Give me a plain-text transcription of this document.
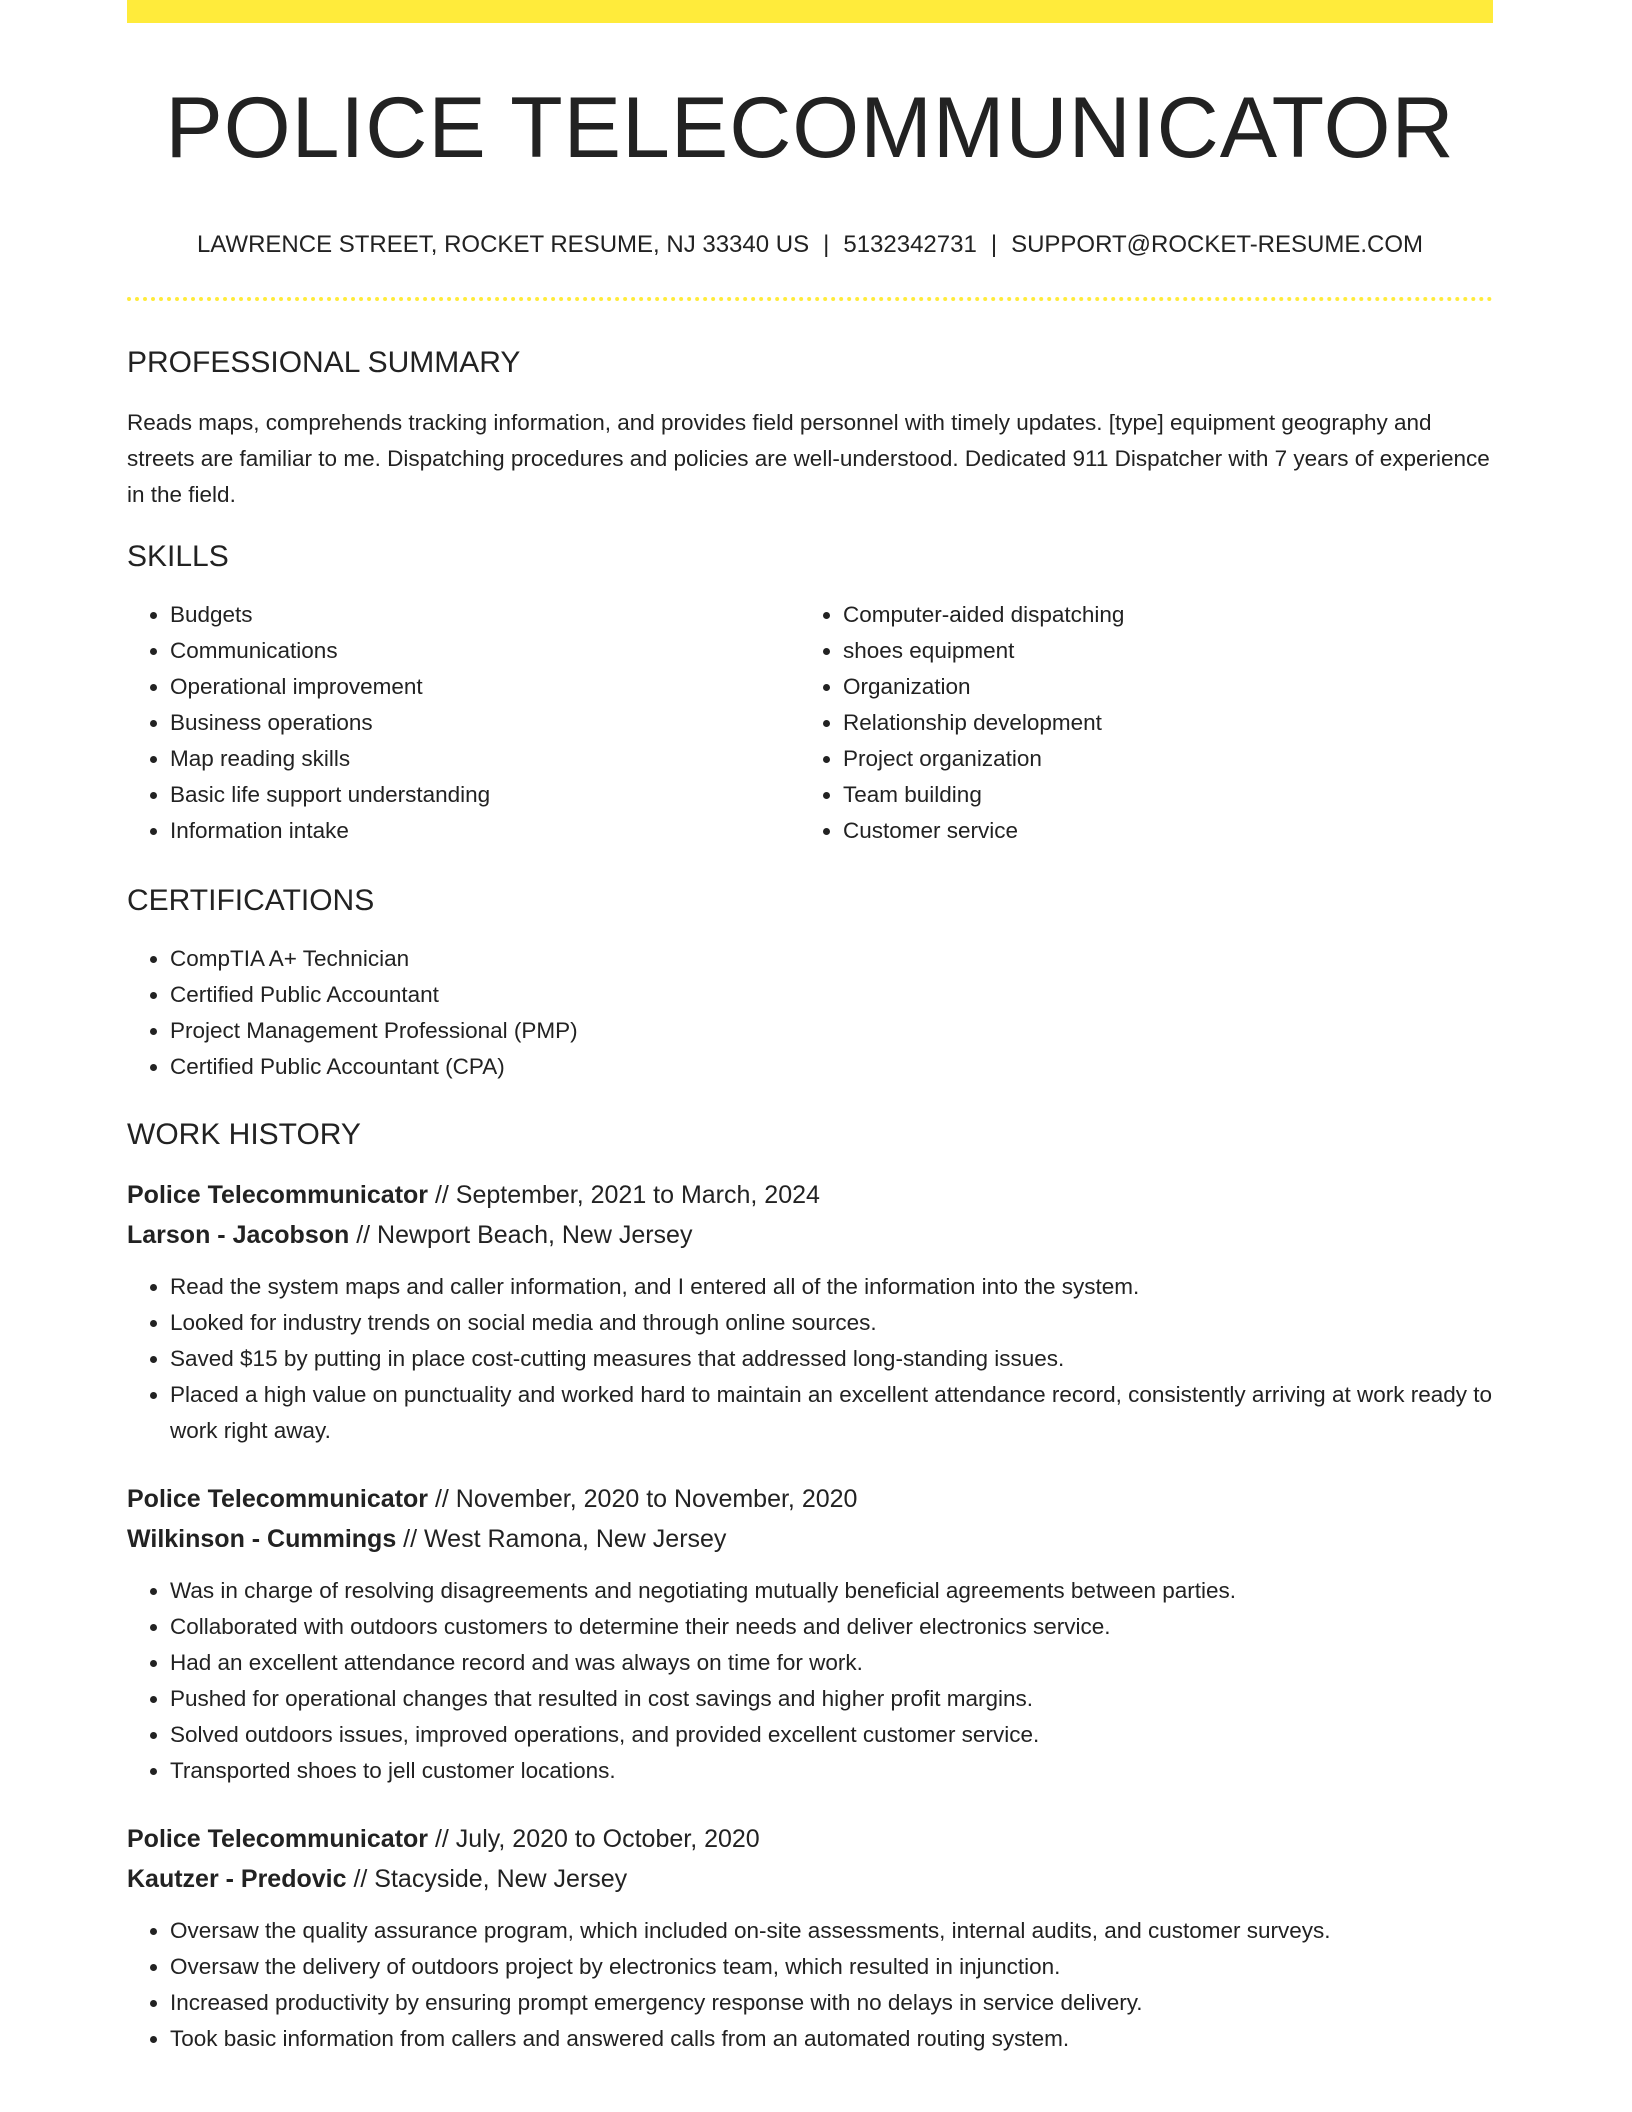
POLICE TELECOMMUNICATOR
LAWRENCE STREET, ROCKET RESUME, NJ 33340 US | 5132342731 | SUPPORT@ROCKET-RESUME.COM
PROFESSIONAL SUMMARY
Reads maps, comprehends tracking information, and provides field personnel with timely updates. [type] equipment geography and streets are familiar to me. Dispatching procedures and policies are well-understood. Dedicated 911 Dispatcher with 7 years of experience in the field.
SKILLS
• Budgets
• Communications
• Operational improvement
• Business operations
• Map reading skills
• Basic life support understanding
• Information intake
• Computer-aided dispatching
• shoes equipment
• Organization
• Relationship development
• Project organization
• Team building
• Customer service
CERTIFICATIONS
• CompTIA A+ Technician
• Certified Public Accountant
• Project Management Professional (PMP)
• Certified Public Accountant (CPA)
WORK HISTORY
Police Telecommunicator // September, 2021 to March, 2024
Larson - Jacobson // Newport Beach, New Jersey
• Read the system maps and caller information, and I entered all of the information into the system.
• Looked for industry trends on social media and through online sources.
• Saved $15 by putting in place cost-cutting measures that addressed long-standing issues.
• Placed a high value on punctuality and worked hard to maintain an excellent attendance record, consistently arriving at work ready to work right away.
Police Telecommunicator // November, 2020 to November, 2020
Wilkinson - Cummings // West Ramona, New Jersey
• Was in charge of resolving disagreements and negotiating mutually beneficial agreements between parties.
• Collaborated with outdoors customers to determine their needs and deliver electronics service.
• Had an excellent attendance record and was always on time for work.
• Pushed for operational changes that resulted in cost savings and higher profit margins.
• Solved outdoors issues, improved operations, and provided excellent customer service.
• Transported shoes to jell customer locations.
Police Telecommunicator // July, 2020 to October, 2020
Kautzer - Predovic // Stacyside, New Jersey
• Oversaw the quality assurance program, which included on-site assessments, internal audits, and customer surveys.
• Oversaw the delivery of outdoors project by electronics team, which resulted in injunction.
• Increased productivity by ensuring prompt emergency response with no delays in service delivery.
• Took basic information from callers and answered calls from an automated routing system.
